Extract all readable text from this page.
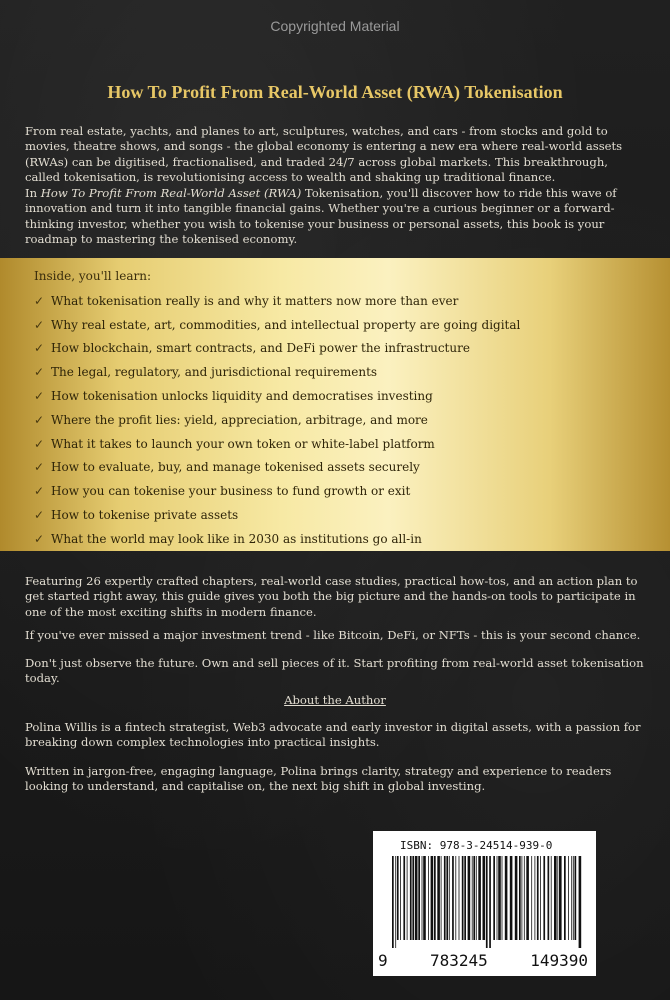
Copyrighted Material
How To Profit From Real-World Asset (RWA) Tokenisation

From real estate, yachts, and planes to art, sculptures, watches, and cars - from stocks and gold to movies, theatre shows, and songs - the global economy is entering a new era where real-world assets (RWAs) can be digitised, fractionalised, and traded 24/7 across global markets. This breakthrough, called tokenisation, is revolutionising access to wealth and shaking up traditional finance.

In How To Profit From Real-World Asset (RWA) Tokenisation, you'll discover how to ride this wave of innovation and turn it into tangible financial gains. Whether you're a curious beginner or a forward-thinking investor, whether you wish to tokenise your business or personal assets, this book is your roadmap to mastering the tokenised economy.

Inside, you'll learn:
✓ What tokenisation really is and why it matters now more than ever
✓ Why real estate, art, commodities, and intellectual property are going digital
✓ How blockchain, smart contracts, and DeFi power the infrastructure
✓ The legal, regulatory, and jurisdictional requirements
✓ How tokenisation unlocks liquidity and democratises investing
✓ Where the profit lies: yield, appreciation, arbitrage, and more
✓ What it takes to launch your own token or white-label platform
✓ How to evaluate, buy, and manage tokenised assets securely
✓ How you can tokenise your business to fund growth or exit
✓ How to tokenise private assets
✓ What the world may look like in 2030 as institutions go all-in

Featuring 26 expertly crafted chapters, real-world case studies, practical how-tos, and an action plan to get started right away, this guide gives you both the big picture and the hands-on tools to participate in one of the most exciting shifts in modern finance.

If you've ever missed a major investment trend - like Bitcoin, DeFi, or NFTs - this is your second chance.

Don't just observe the future. Own and sell pieces of it. Start profiting from real-world asset tokenisation today.

About the Author

Polina Willis is a fintech strategist, Web3 advocate and early investor in digital assets, with a passion for breaking down complex technologies into practical insights.

Written in jargon-free, engaging language, Polina brings clarity, strategy and experience to readers looking to understand, and capitalise on, the next big shift in global investing.

ISBN: 978-3-24514-939-0
9	783245	149390
